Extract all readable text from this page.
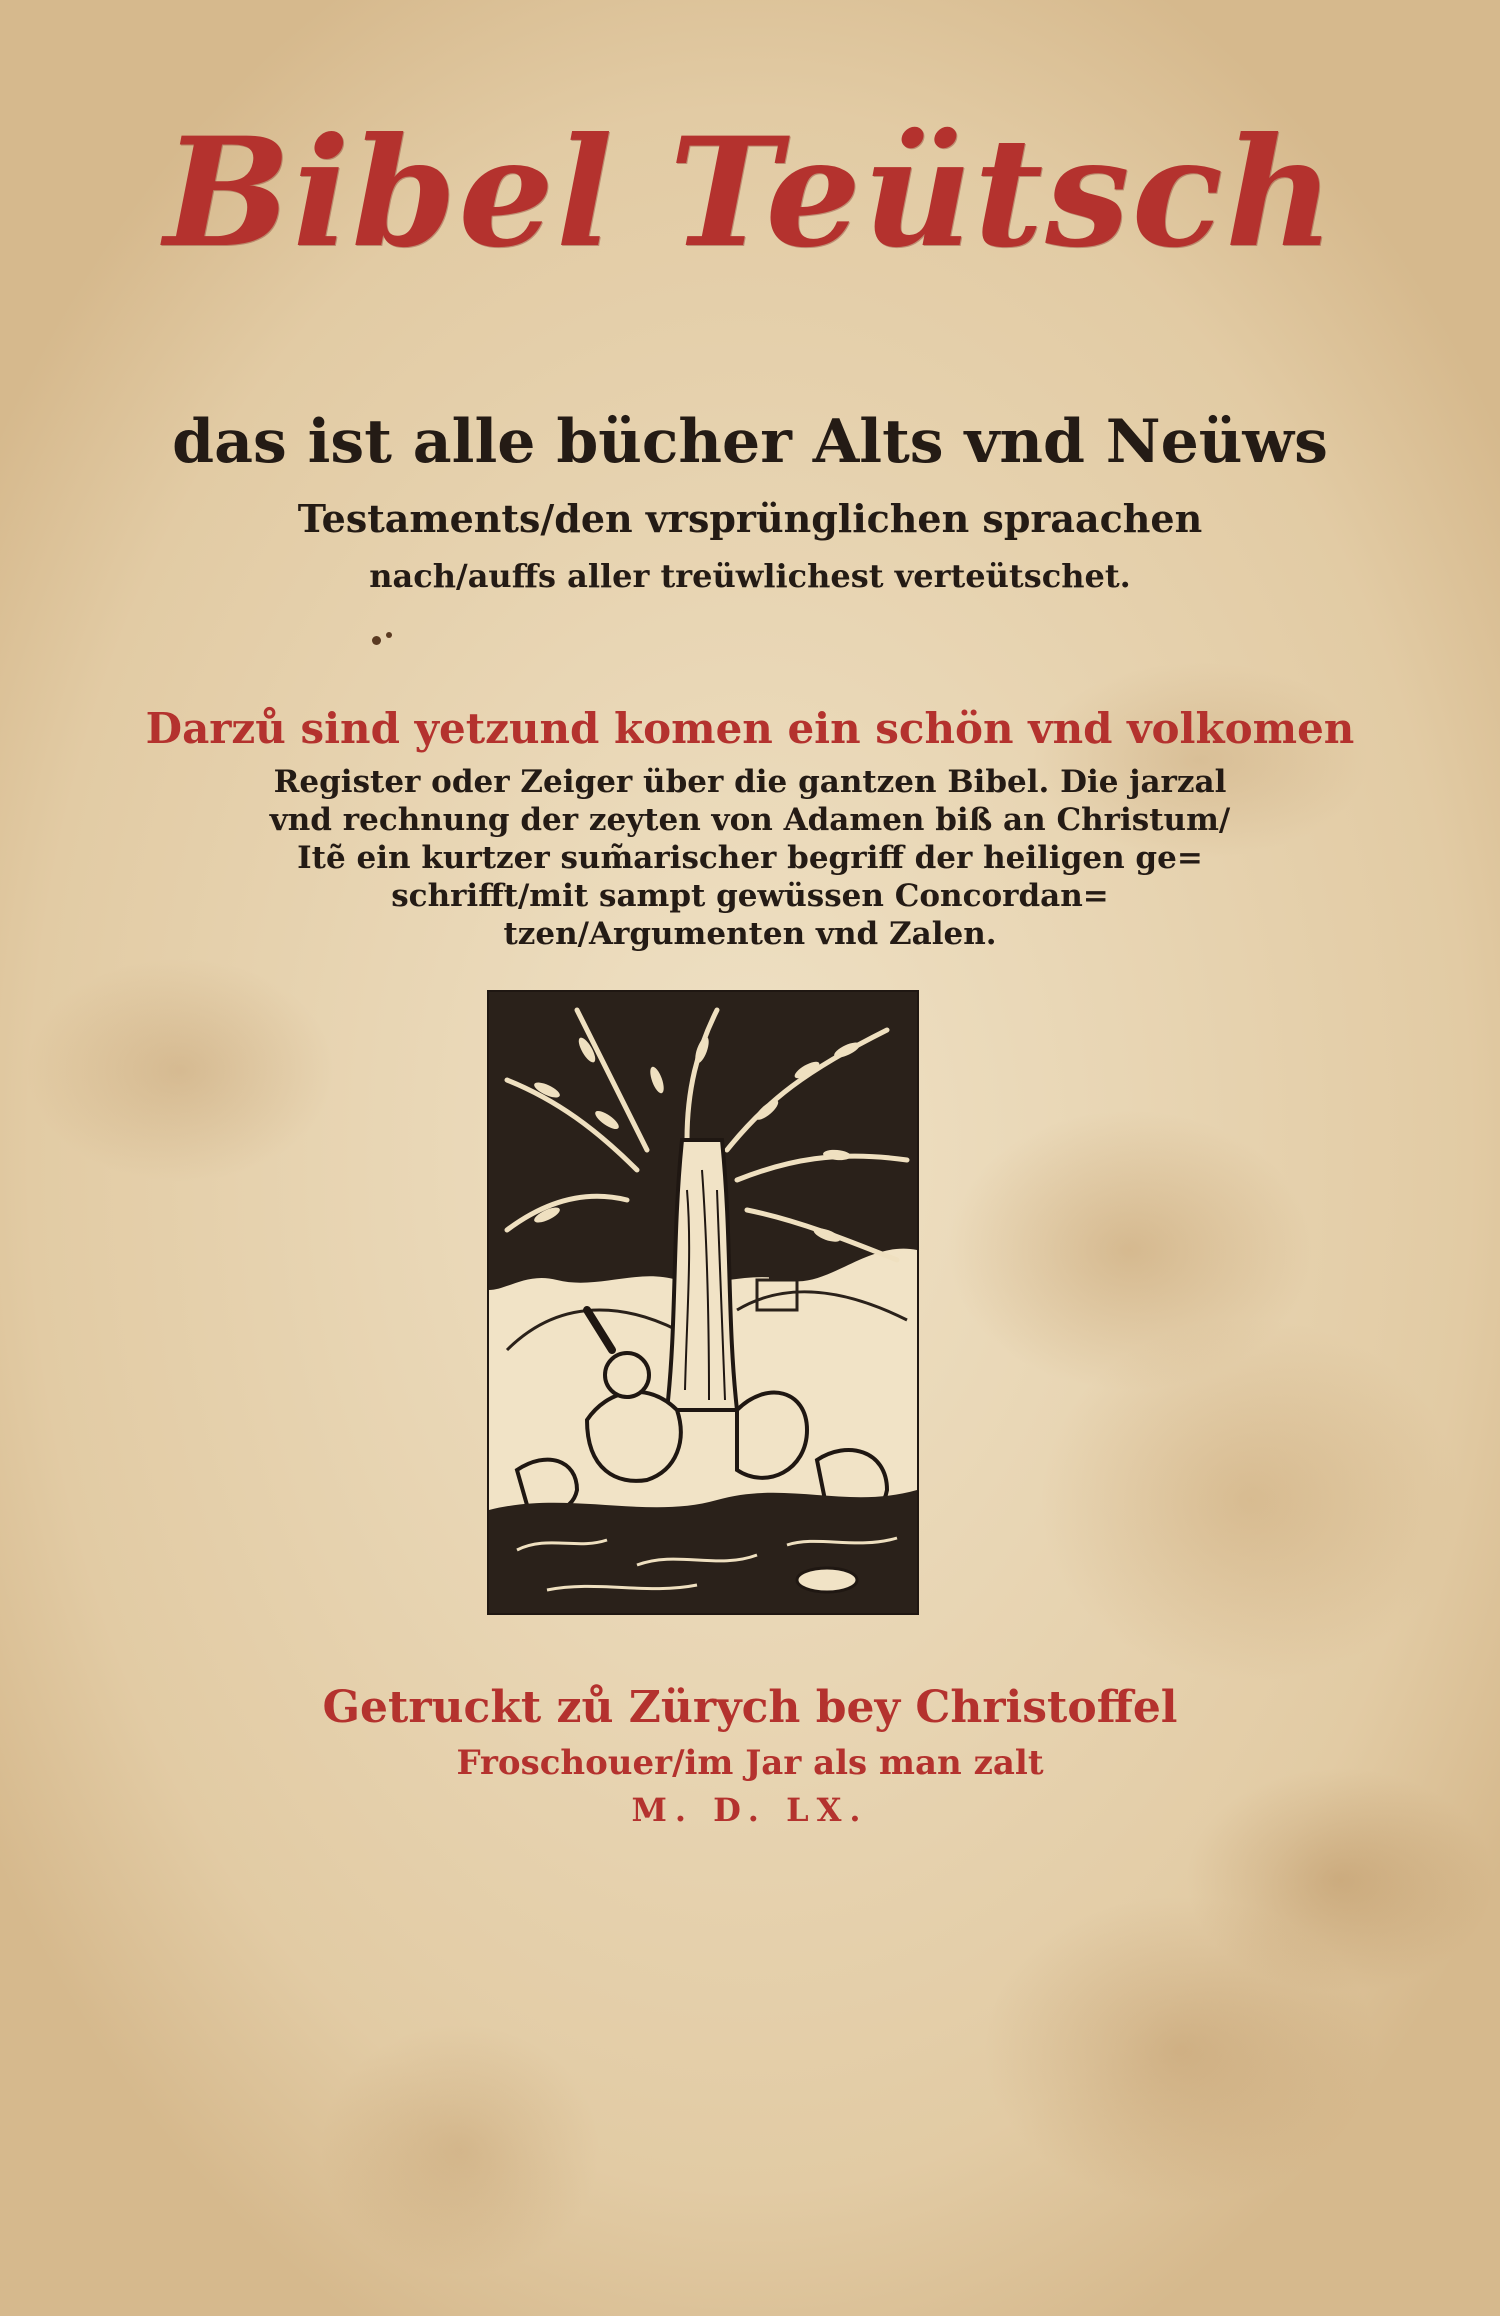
Bibel Teütsch
das ist alle bücher Alts vnd Neüws
Testaments/den vrsprünglichen spraachen
nach/auffs aller treüwlichest verteütschet.
Darzů sind yetzund komen ein schön vnd volkomen
Register oder Zeiger über die gantzen Bibel. Die jarzal
vnd rechnung der zeyten von Adamen biß an Christum/
Itẽ ein kurtzer sum̃arischer begriff der heiligen ge=
schrifft/mit sampt gewüssen Concordan=
tzen/Argumenten vnd Zalen.
Getruckt zů Zürych bey Christoffel
Froschouer/im Jar als man zalt
M. D. LX.
